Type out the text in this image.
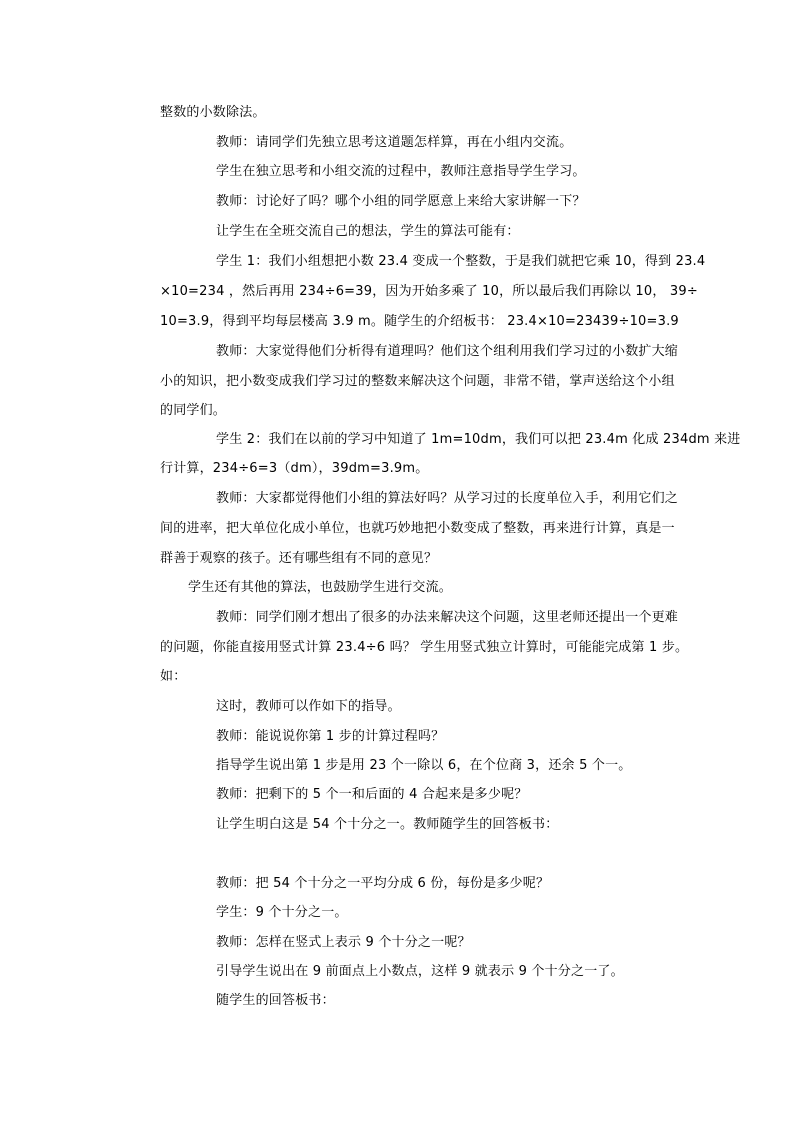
整数的小数除法。
教师：请同学们先独立思考这道题怎样算，再在小组内交流。
学生在独立思考和小组交流的过程中，教师注意指导学生学习。
教师：讨论好了吗？哪个小组的同学愿意上来给大家讲解一下？
让学生在全班交流自己的想法，学生的算法可能有：
学生 1：我们小组想把小数 23.4 变成一个整数，于是我们就把它乘 10，得到 23.4
×10=234 ，然后再用 234÷6=39，因为开始多乘了 10，所以最后我们再除以 10， 39÷
10=3.9，得到平均每层楼高 3.9 m。随学生的介绍板书： 23.4×10=23439÷10=3.9
教师：大家觉得他们分析得有道理吗？他们这个组利用我们学习过的小数扩大缩
小的知识，把小数变成我们学习过的整数来解决这个问题，非常不错，掌声送给这个小组
的同学们。
学生 2：我们在以前的学习中知道了 1m=10dm，我们可以把 23.4m 化成 234dm 来进
行计算，234÷6=3（dm），39dm=3.9m。
教师：大家都觉得他们小组的算法好吗？从学习过的长度单位入手，利用它们之
间的进率，把大单位化成小单位，也就巧妙地把小数变成了整数，再来进行计算，真是一
群善于观察的孩子。还有哪些组有不同的意见？
学生还有其他的算法，也鼓励学生进行交流。
教师：同学们刚才想出了很多的办法来解决这个问题，这里老师还提出一个更难
的问题，你能直接用竖式计算 23.4÷6 吗？ 学生用竖式独立计算时，可能能完成第 1 步。
如：
这时，教师可以作如下的指导。
教师：能说说你第 1 步的计算过程吗？
指导学生说出第 1 步是用 23 个一除以 6，在个位商 3，还余 5 个一。
教师：把剩下的 5 个一和后面的 4 合起来是多少呢？
让学生明白这是 54 个十分之一。教师随学生的回答板书：
教师：把 54 个十分之一平均分成 6 份，每份是多少呢？
学生：9 个十分之一。
教师：怎样在竖式上表示 9 个十分之一呢？
引导学生说出在 9 前面点上小数点，这样 9 就表示 9 个十分之一了。
随学生的回答板书：
